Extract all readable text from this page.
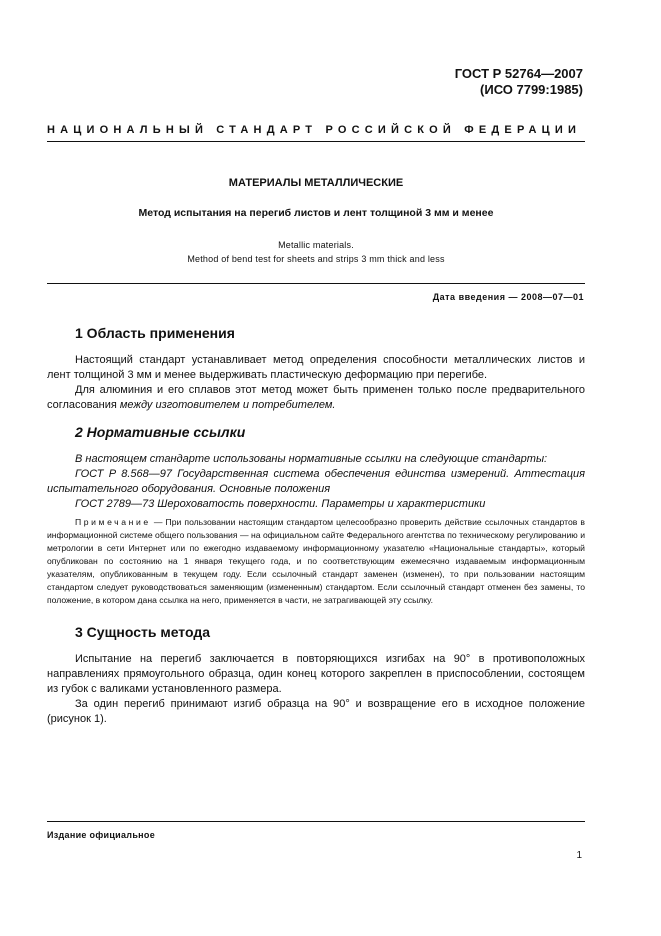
ГОСТ Р 52764—2007
(ИСО 7799:1985)
НАЦИОНАЛЬНЫЙ СТАНДАРТ РОССИЙСКОЙ ФЕДЕРАЦИИ
МАТЕРИАЛЫ МЕТАЛЛИЧЕСКИЕ
Метод испытания на перегиб листов и лент толщиной 3 мм и менее
Metallic materials.
Method of bend test for sheets and strips 3 mm thick and less
Дата введения — 2008—07—01
1 Область применения

Настоящий стандарт устанавливает метод определения способности металлических листов и лент толщиной 3 мм и менее выдерживать пластическую деформацию при перегибе.

Для алюминия и его сплавов этот метод может быть применен только после предварительного согласования между изготовителем и потребителем.

2 Нормативные ссылки

В настоящем стандарте использованы нормативные ссылки на следующие стандарты:

ГОСТ Р 8.568—97 Государственная система обеспечения единства измерений. Аттестация испытательного оборудования. Основные положения

ГОСТ 2789—73 Шероховатость поверхности. Параметры и характеристики

Примечание — При пользовании настоящим стандартом целесообразно проверить действие ссылочных стандартов в информационной системе общего пользования — на официальном сайте Федерального агентства по техническому регулированию и метрологии в сети Интернет или по ежегодно издаваемому информационному указателю «Национальные стандарты», который опубликован по состоянию на 1 января текущего года, и по соответствующим ежемесячно издаваемым информационным указателям, опубликованным в текущем году. Если ссылочный стандарт заменен (изменен), то при пользовании настоящим стандартом следует руководствоваться заменяющим (измененным) стандартом. Если ссылочный стандарт отменен без замены, то положение, в котором дана ссылка на него, применяется в части, не затрагивающей эту ссылку.

3 Сущность метода

Испытание на перегиб заключается в повторяющихся изгибах на 90° в противоположных направлениях прямоугольного образца, один конец которого закреплен в приспособлении, состоящем из губок с валиками установленного размера.

За один перегиб принимают изгиб образца на 90° и возвращение его в исходное положение (рисунок 1).

Издание официальное
1
